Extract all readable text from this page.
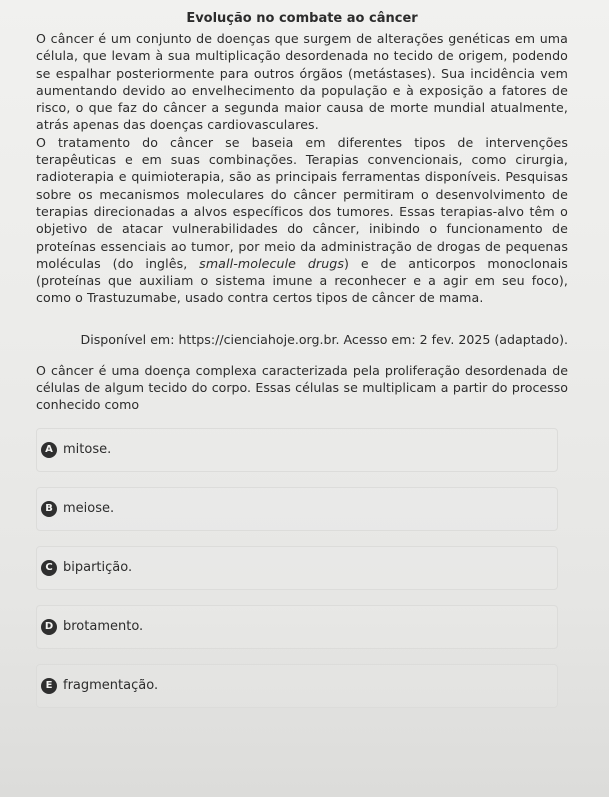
Evolução no combate ao câncer

O câncer é um conjunto de doenças que surgem de alterações genéticas em uma célula, que levam à sua multiplicação desordenada no tecido de origem, podendo se espalhar posteriormente para outros órgãos (metástases). Sua incidência vem aumentando devido ao envelhecimento da população e à exposição a fatores de risco, o que faz do câncer a segunda maior causa de morte mundial atualmente, atrás apenas das doenças cardiovasculares.

O tratamento do câncer se baseia em diferentes tipos de intervenções terapêuticas e em suas combinações. Terapias convencionais, como cirurgia, radioterapia e quimioterapia, são as principais ferramentas disponíveis. Pesquisas sobre os mecanismos moleculares do câncer permitiram o desenvolvimento de terapias direcionadas a alvos específicos dos tumores. Essas terapias-alvo têm o objetivo de atacar vulnerabilidades do câncer, inibindo o funcionamento de proteínas essenciais ao tumor, por meio da administração de drogas de pequenas moléculas (do inglês, small-molecule drugs) e de anticorpos monoclonais (proteínas que auxiliam o sistema imune a reconhecer e a agir em seu foco), como o Trastuzumabe, usado contra certos tipos de câncer de mama.

Disponível em: https://cienciahoje.org.br. Acesso em: 2 fev. 2025 (adaptado).

O câncer é uma doença complexa caracterizada pela proliferação desordenada de células de algum tecido do corpo. Essas células se multiplicam a partir do processo conhecido como

A mitose.
B meiose.
C bipartição.
D brotamento.
E fragmentação.
